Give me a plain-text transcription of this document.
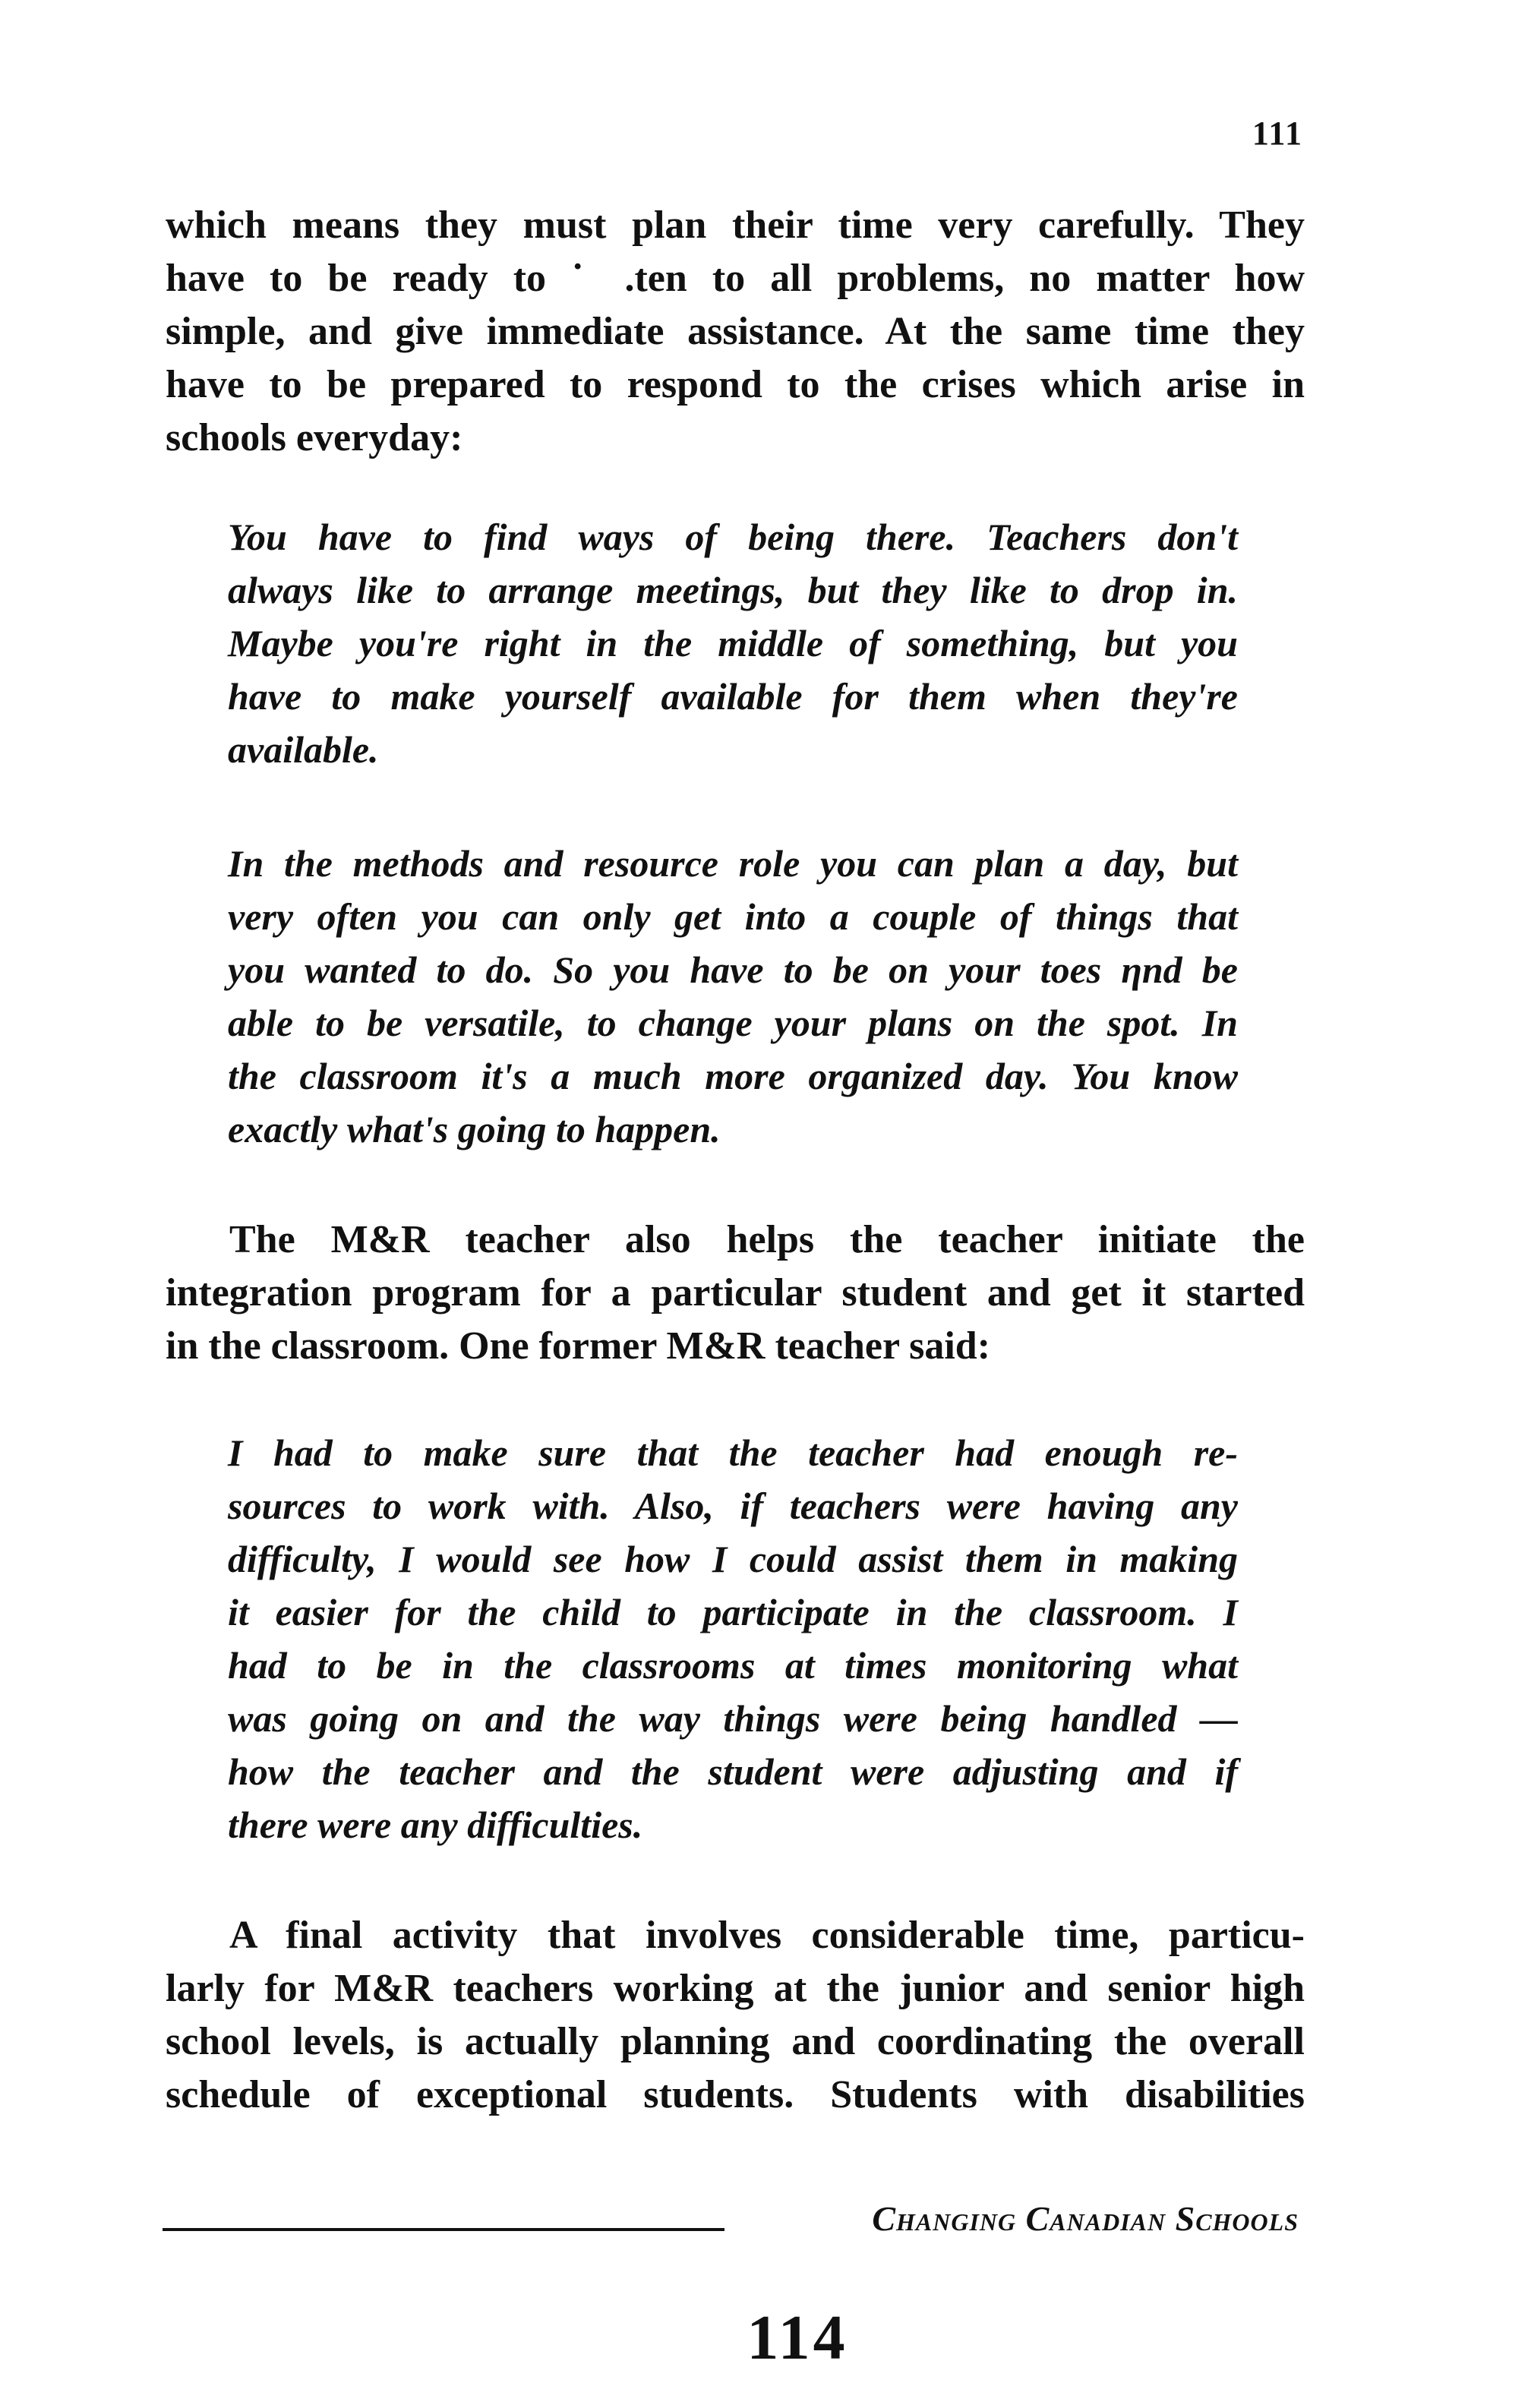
111
which means they must plan their time very carefully. They
have to be ready to ˙ .ten to all problems, no matter how
simple, and give immediate assistance. At the same time they
have to be prepared to respond to the crises which arise in
schools everyday:
You have to find ways of being there. Teachers don't
always like to arrange meetings, but they like to drop in.
Maybe you're right in the middle of something, but you
have to make yourself available for them when they're
available.
In the methods and resource role you can plan a day, but
very often you can only get into a couple of things that
you wanted to do. So you have to be on your toes ηnd be
able to be versatile, to change your plans on the spot. In
the classroom it's a much more organized day. You know
exactly what's going to happen.
The M&R teacher also helps the teacher initiate the
integration program for a particular student and get it started
in the classroom. One former M&R teacher said:
I had to make sure that the teacher had enough re-
sources to work with. Also, if teachers were having any
difficulty, I would see how I could assist them in making
it easier for the child to participate in the classroom. I
had to be in the classrooms at times monitoring what
was going on and the way things were being handled —
how the teacher and the student were adjusting and if
there were any difficulties.
A final activity that involves considerable time, particu-
larly for M&R teachers working at the junior and senior high
school levels, is actually planning and coordinating the overall
schedule of exceptional students. Students with disabilities
Changing Canadian Schools
114
